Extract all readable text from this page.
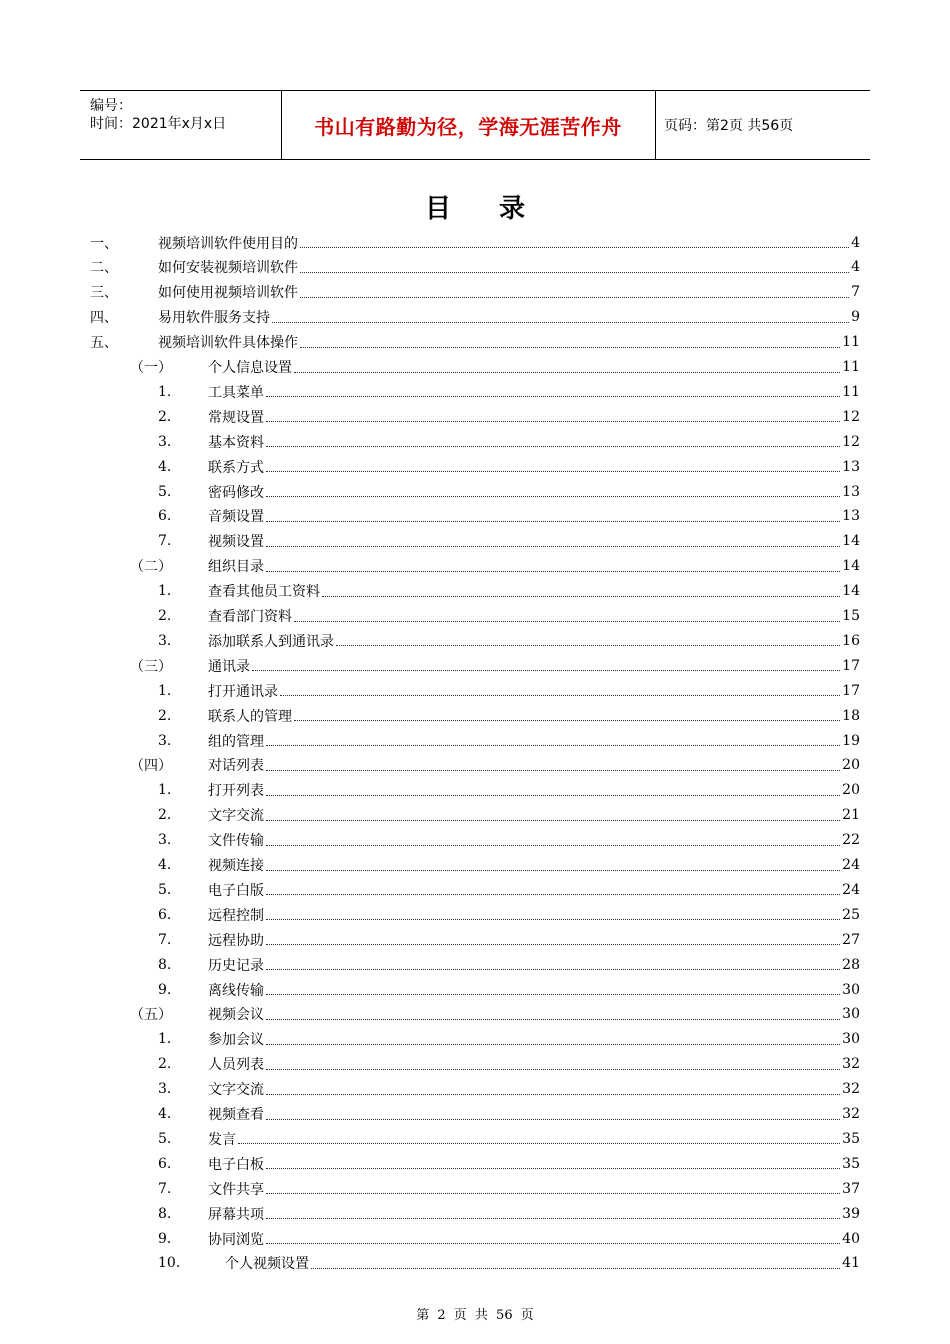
编号：
时间：2021年x月x日	书山有路勤为径，学海无涯苦作舟	页码：第2页 共56页
目 录
一、	视频培训软件使用目的	4
二、	如何安装视频培训软件	4
三、	如何使用视频培训软件	7
四、	易用软件服务支持	9
五、	视频培训软件具体操作	11
（一）	个人信息设置	11
1.	工具菜单	11
2.	常规设置	12
3.	基本资料	12
4.	联系方式	13
5.	密码修改	13
6.	音频设置	13
7.	视频设置	14
（二）	组织目录	14
1.	查看其他员工资料	14
2.	查看部门资料	15
3.	添加联系人到通讯录	16
（三）	通讯录	17
1.	打开通讯录	17
2.	联系人的管理	18
3.	组的管理	19
（四）	对话列表	20
1.	打开列表	20
2.	文字交流	21
3.	文件传输	22
4.	视频连接	24
5.	电子白版	24
6.	远程控制	25
7.	远程协助	27
8.	历史记录	28
9.	离线传输	30
（五）	视频会议	30
1.	参加会议	30
2.	人员列表	32
3.	文字交流	32
4.	视频查看	32
5.	发言	35
6.	电子白板	35
7.	文件共享	37
8.	屏幕共项	39
9.	协同浏览	40
10.	个人视频设置	41
第 2 页 共 56 页
